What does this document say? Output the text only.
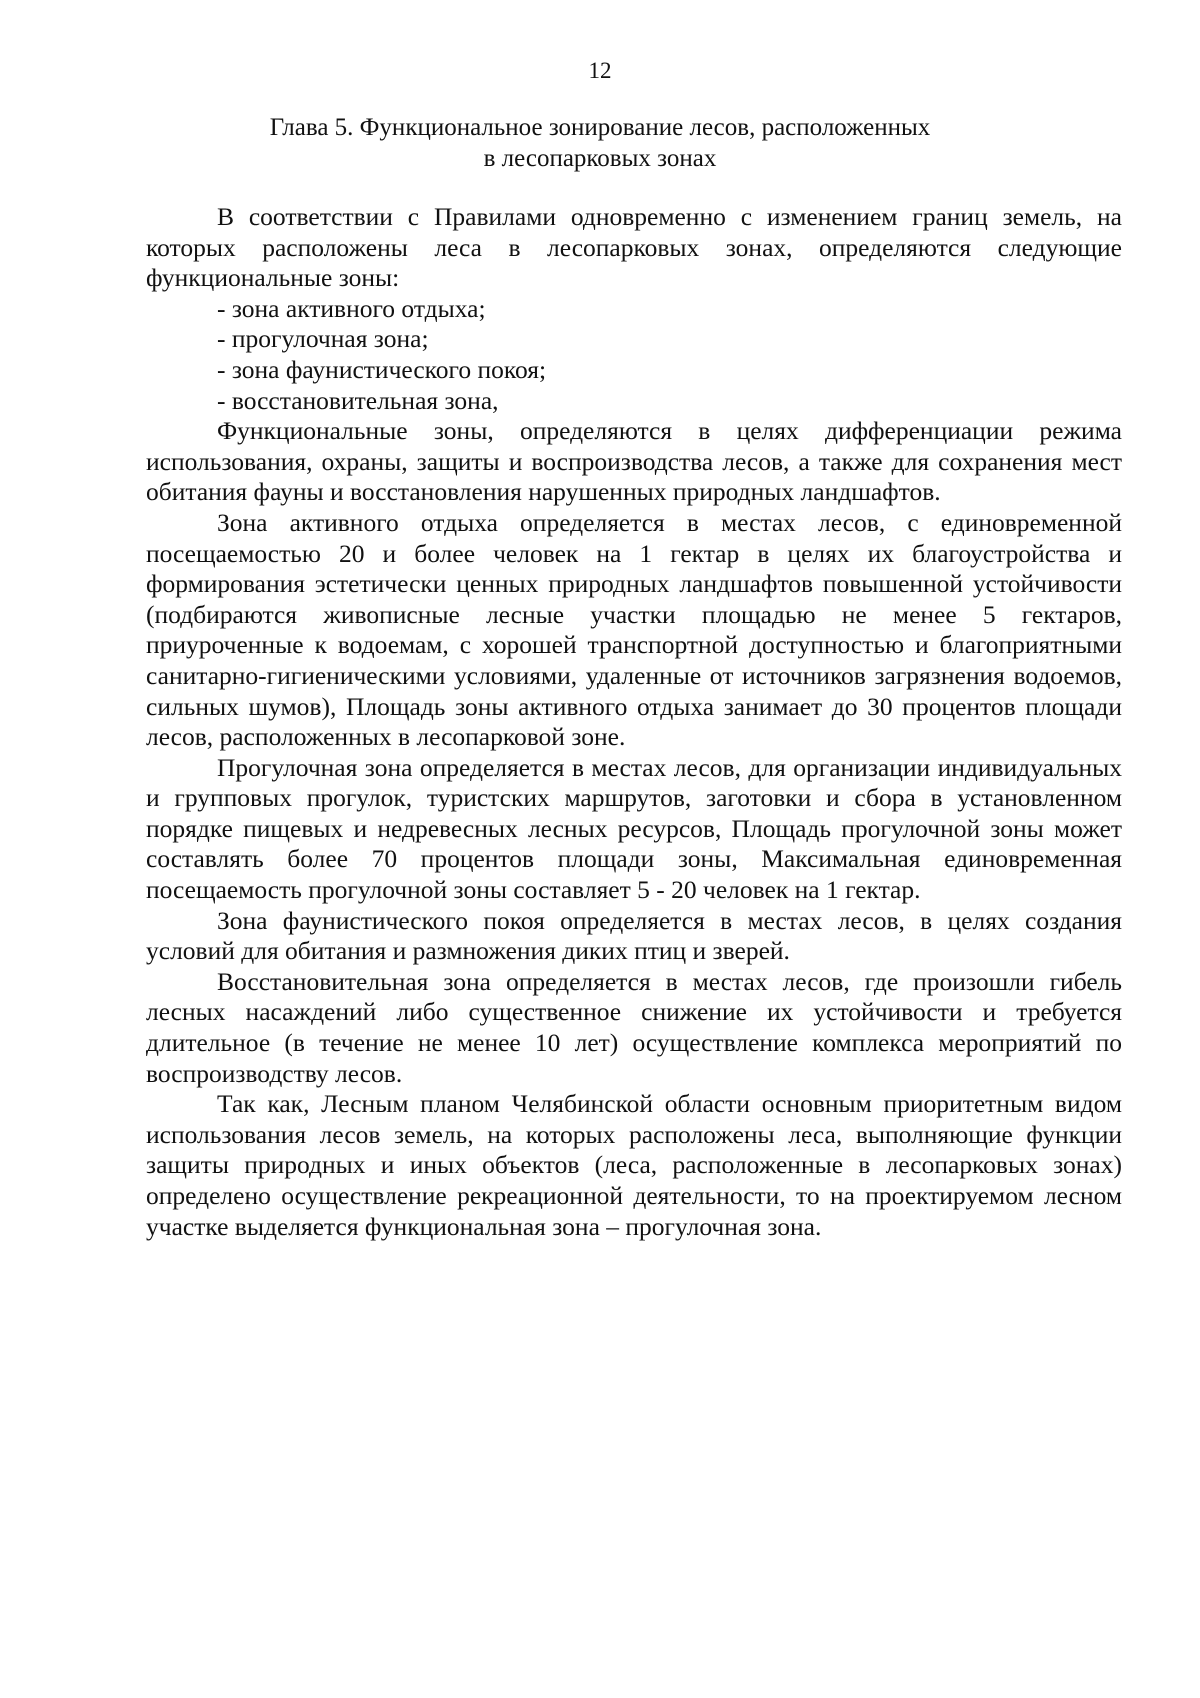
12
Глава 5. Функциональное зонирование лесов, расположенных
в лесопарковых зонах

В соответствии с Правилами одновременно с изменением границ земель, на которых расположены леса в лесопарковых зонах, определяются следующие функциональные зоны:

- зона активного отдыха;
- прогулочная зона;
- зона фаунистического покоя;
- восстановительная зона,

Функциональные зоны, определяются в целях дифференциации режима использования, охраны, защиты и воспроизводства лесов, а также для сохранения мест обитания фауны и восстановления нарушенных природных ландшафтов.

Зона активного отдыха определяется в местах лесов, с единовременной посещаемостью 20 и более человек на 1 гектар в целях их благоустройства и формирования эстетически ценных природных ландшафтов повышенной устойчивости (подбираются живописные лесные участки площадью не менее 5 гектаров, приуроченные к водоемам, с хорошей транспортной доступностью и благоприятными санитарно-гигиеническими условиями, удаленные от источников загрязнения водоемов, сильных шумов), Площадь зоны активного отдыха занимает до 30 процентов площади лесов, расположенных в лесопарковой зоне.

Прогулочная зона определяется в местах лесов, для организации индивидуальных и групповых прогулок, туристских маршрутов, заготовки и сбора в установленном порядке пищевых и недревесных лесных ресурсов, Площадь прогулочной зоны может составлять более 70 процентов площади зоны, Максимальная единовременная посещаемость прогулочной зоны составляет 5 - 20 человек на 1 гектар.

Зона фаунистического покоя определяется в местах лесов, в целях создания условий для обитания и размножения диких птиц и зверей.

Восстановительная зона определяется в местах лесов, где произошли гибель лесных насаждений либо существенное снижение их устойчивости и требуется длительное (в течение не менее 10 лет) осуществление комплекса мероприятий по воспроизводству лесов.

Так как, Лесным планом Челябинской области основным приоритетным видом использования лесов земель, на которых расположены леса, выполняющие функции защиты природных и иных объектов (леса, расположенные в лесопарковых зонах) определено осуществление рекреационной деятельности, то на проектируемом лесном участке выделяется функциональная зона – прогулочная зона.
